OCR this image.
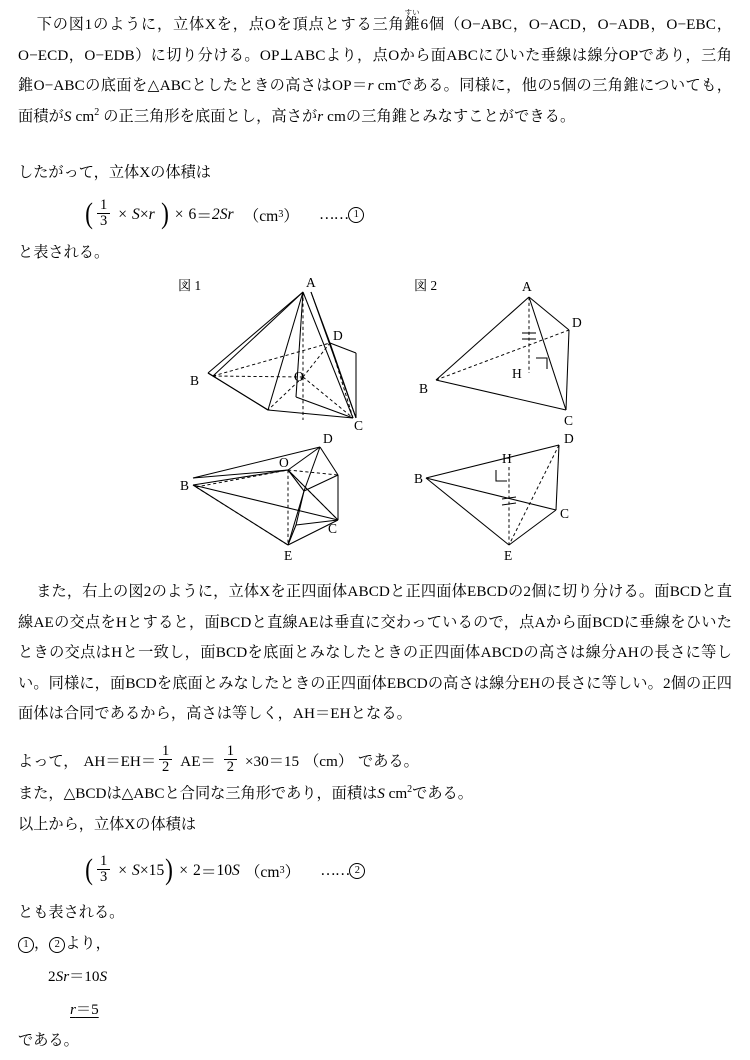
下の図1のように，立体Xを，点Oを頂点とする三角錐すい6個（O−ABC，O−ACD，O−ADB，O−EBC，O−ECD，O−EDB）に切り分ける。OP⊥ABCより，点Oから面ABCにひいた垂線は線分OPであり，三角錐O−ABCの底面を△ABCとしたときの高さはOP＝r cmである。同様に，他の5個の三角錐についても，面積がS $cm^2$ の正三角形を底面とし，高さがr cmの三角錐とみなすことができる。
したがって，立体Xの体積は
( $\frac{1}{3} \times S \times r$ ) × 6 ＝ 2Sr （cm 3 ） …… 1
と表される。
図 1	A
B
C
D
O
D
B
O
C
E
図 2	A
B
C
D
H
D
B
C
E
H
また，右上の図2のように，立体Xを正四面体ABCDと正四面体EBCDの2個に切り分ける。面BCDと直線AEの交点をHとすると，面BCDと直線AEは垂直に交わっているので，点Aから面BCDに垂線をひいたときの交点はHと一致し，面BCDを底面とみなしたときの正四面体ABCDの高さは線分AHの長さに等しい。同様に，面BCDを底面とみなしたときの正四面体EBCDの高さは線分EHの長さに等しい。2個の正四面体は合同であるから，高さは等しく，AH＝EHとなる。
よって， $AH=EH= \frac{1}{2} AE= \frac{1}{2} \times 30=15$ （cm） である。
また，△BCDは△ABCと合同な三角形であり，面積はS $cm^2$である。
以上から，立体Xの体積は
( $\frac{1}{3} \times S \times 15$ ) × 2 ＝ 10S （cm 3 ） …… 2
とも表される。
1 ， 2 より，
2Sr＝10S
r＝5
である。
